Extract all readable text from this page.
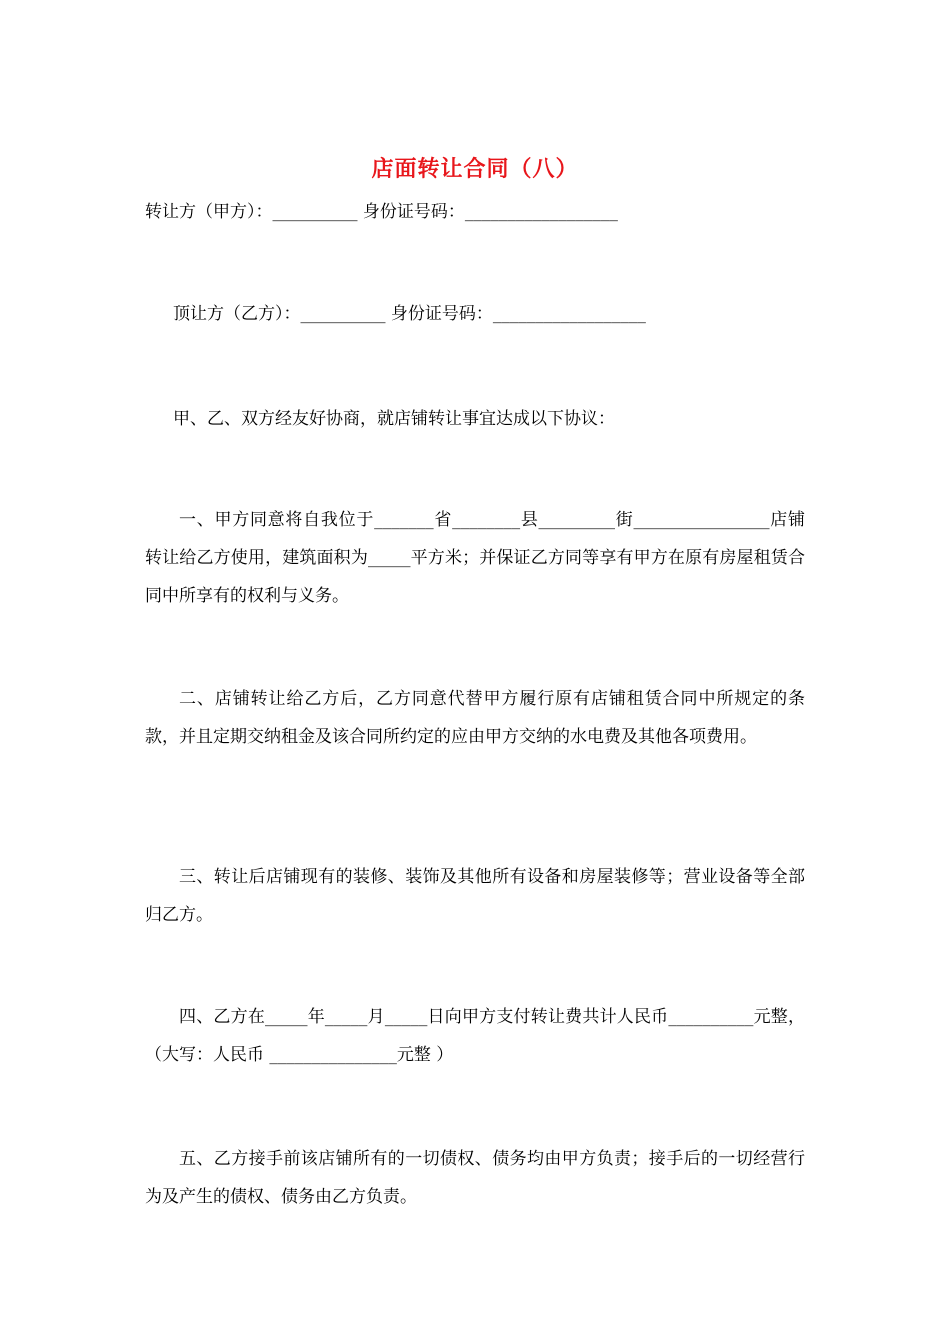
店面转让合同（八）
转让方（甲方）：__________ 身份证号码：__________________
顶让方（乙方）：__________ 身份证号码：__________________
甲、乙、双方经友好协商，就店铺转让事宜达成以下协议：

一、甲方同意将自我位于_______省________县_________街________________店铺转让给乙方使用，建筑面积为_____平方米；并保证乙方同等享有甲方在原有房屋租赁合同中所享有的权利与义务。

二、店铺转让给乙方后，乙方同意代替甲方履行原有店铺租赁合同中所规定的条款，并且定期交纳租金及该合同所约定的应由甲方交纳的水电费及其他各项费用。

三、转让后店铺现有的装修、装饰及其他所有设备和房屋装修等；营业设备等全部归乙方。

四、乙方在_____年_____月_____日向甲方支付转让费共计人民币__________元整，（大写：人民币 _______________元整 ）

五、乙方接手前该店铺所有的一切债权、债务均由甲方负责；接手后的一切经营行为及产生的债权、债务由乙方负责。
